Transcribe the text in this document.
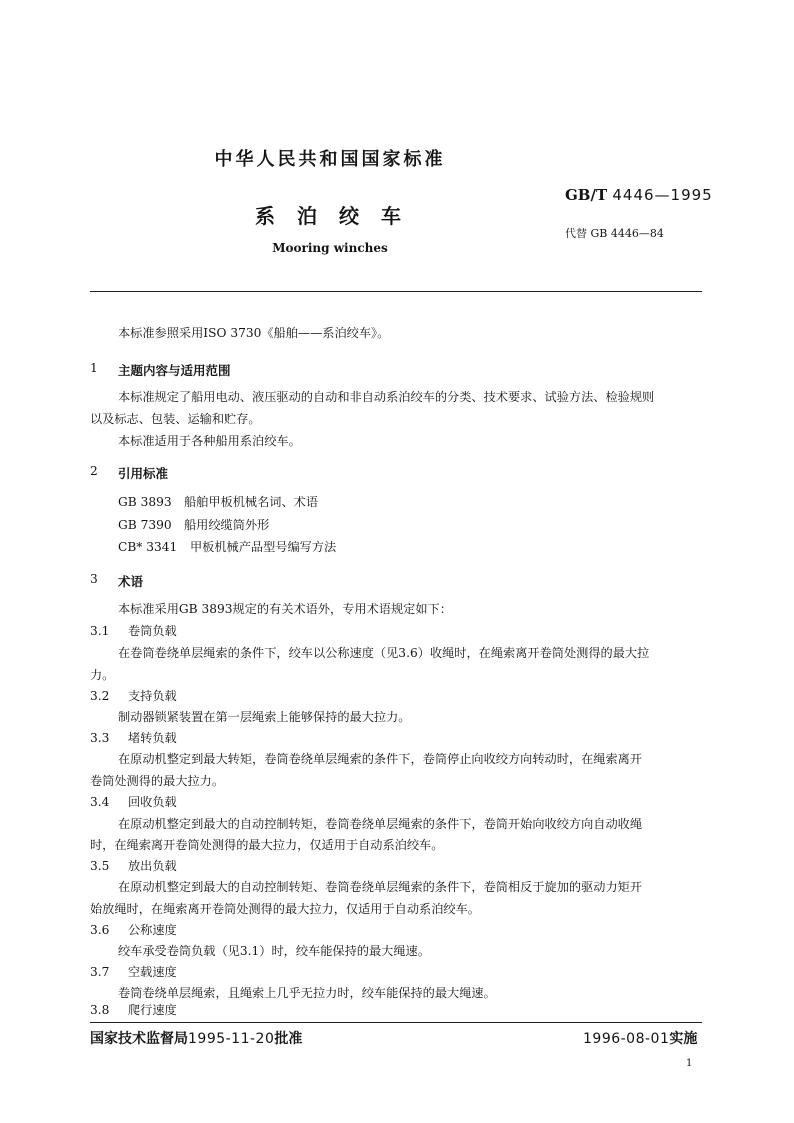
中华人民共和国国家标准
GB/T 4446—1995
系泊绞车
代替 GB 4446—84
Mooring winches
本标准参照采用ISO 3730《船舶——系泊绞车》。
1 主题内容与适用范围
本标准规定了船用电动、液压驱动的自动和非自动系泊绞车的分类、技术要求、试验方法、检验规则
以及标志、包装、运输和贮存。
本标准适用于各种船用系泊绞车。
2 引用标准
GB 3893 船舶甲板机械名词、术语
GB 7390 船用绞缆筒外形
CB* 3341 甲板机械产品型号编写方法
3 术语
本标准采用GB 3893规定的有关术语外，专用术语规定如下：
3.1 卷筒负载
在卷筒卷绕单层绳索的条件下，绞车以公称速度（见3.6）收绳时，在绳索离开卷筒处测得的最大拉
力。
3.2 支持负载
制动器锁紧装置在第一层绳索上能够保持的最大拉力。
3.3 堵转负载
在原动机整定到最大转矩，卷筒卷绕单层绳索的条件下，卷筒停止向收绞方向转动时，在绳索离开
卷筒处测得的最大拉力。
3.4 回收负载
在原动机整定到最大的自动控制转矩，卷筒卷绕单层绳索的条件下，卷筒开始向收绞方向自动收绳
时，在绳索离开卷筒处测得的最大拉力，仅适用于自动系泊绞车。
3.5 放出负载
在原动机整定到最大的自动控制转矩、卷筒卷绕单层绳索的条件下，卷筒相反于旋加的驱动力矩开
始放绳时，在绳索离开卷筒处测得的最大拉力，仅适用于自动系泊绞车。
3.6 公称速度
绞车承受卷筒负载（见3.1）时，绞车能保持的最大绳速。
3.7 空载速度
卷筒卷绕单层绳索，且绳索上几乎无拉力时，绞车能保持的最大绳速。
3.8 爬行速度
国家技术监督局1995-11-20批准	1996-08-01实施
1
